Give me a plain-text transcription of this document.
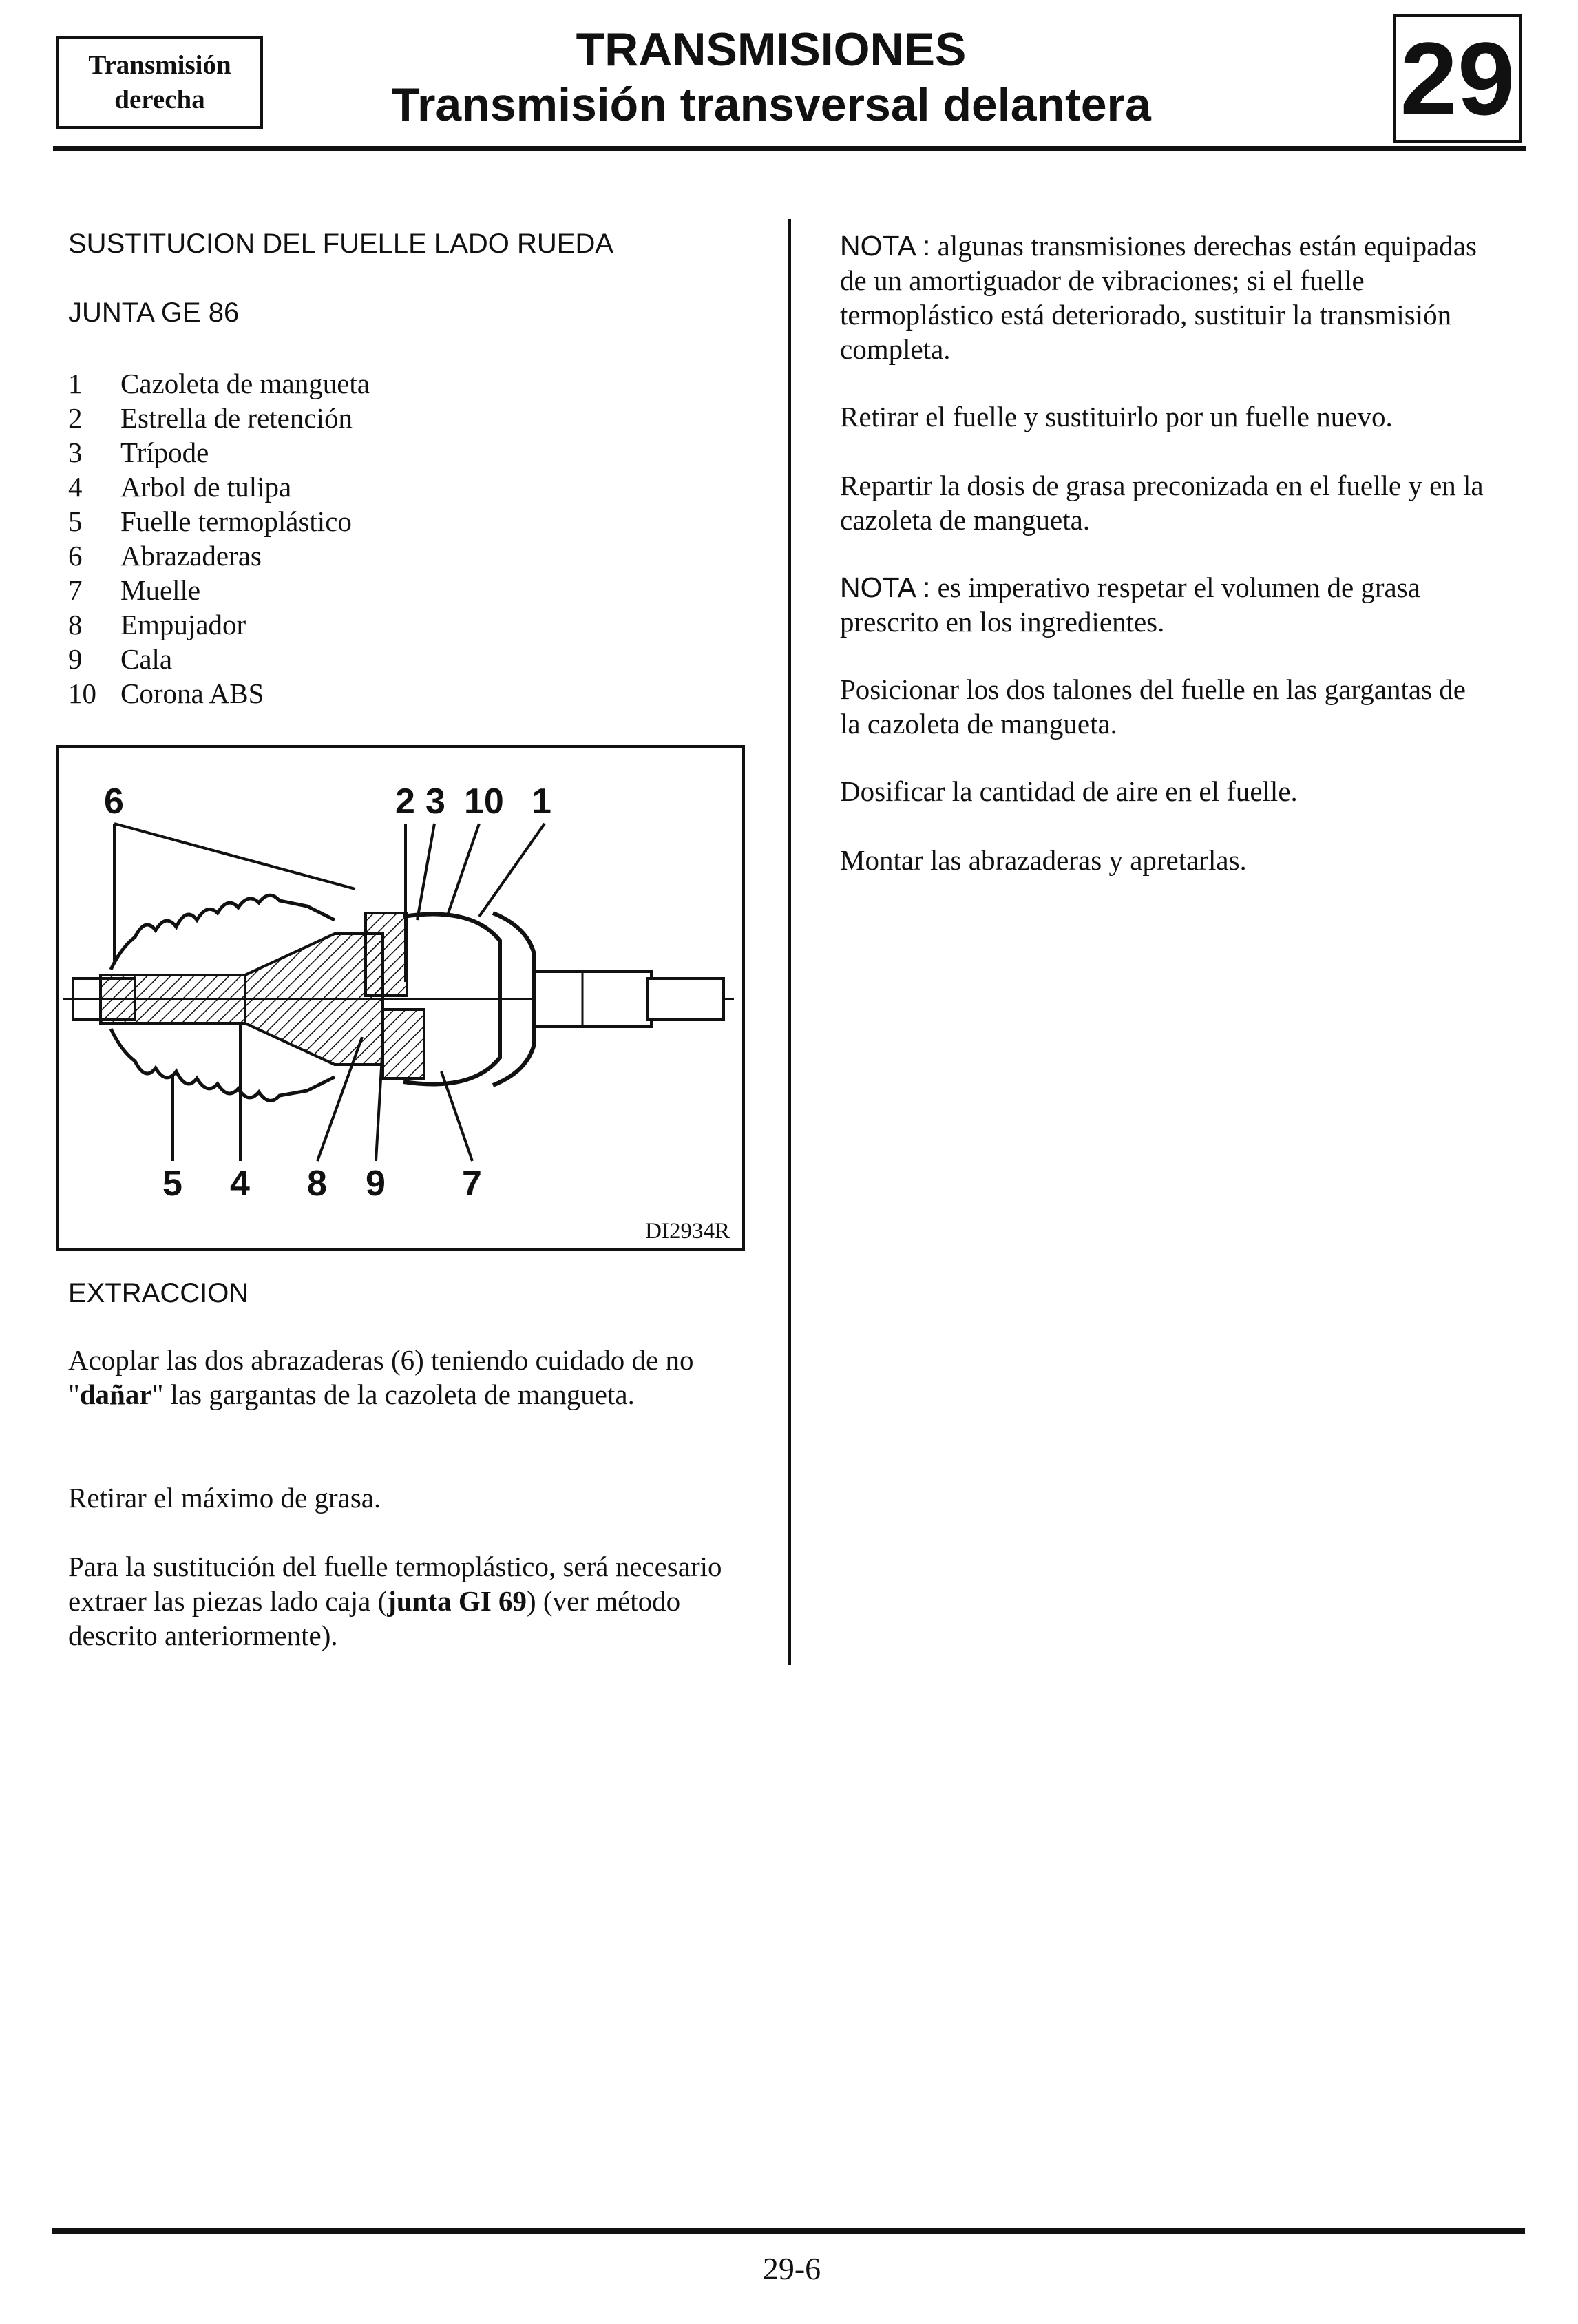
Transmisión
derecha
TRANSMISIONES
Transmisión transversal delantera	29
SUSTITUCION DEL FUELLE LADO RUEDA
JUNTA GE 86
1	Cazoleta de mangueta
2	Estrella de retención
3	Trípode
4	Arbol de tulipa
5	Fuelle termoplástico
6	Abrazaderas
7	Muelle
8	Empujador
9	Cala
10 Corona ABS
6	2 3 10 1
5 4 8 9 7
DI2934R
EXTRACCION
Acoplar las dos abrazaderas (6) teniendo cuidado de no "dañar" las gargantas de la cazoleta de mangueta.
Retirar el máximo de grasa.
Para la sustitución del fuelle termoplástico, será necesario extraer las piezas lado caja (junta GI 69) (ver método descrito anteriormente).
NOTA : algunas transmisiones derechas están equipadas de un amortiguador de vibraciones; si el fuelle termoplástico está deteriorado, sustituir la transmisión completa.
Retirar el fuelle y sustituirlo por un fuelle nuevo.
Repartir la dosis de grasa preconizada en el fuelle y en la cazoleta de mangueta.
NOTA : es imperativo respetar el volumen de grasa prescrito en los ingredientes.
Posicionar los dos talones del fuelle en las gargantas de la cazoleta de mangueta.
Dosificar la cantidad de aire en el fuelle.
Montar las abrazaderas y apretarlas.
29-6
